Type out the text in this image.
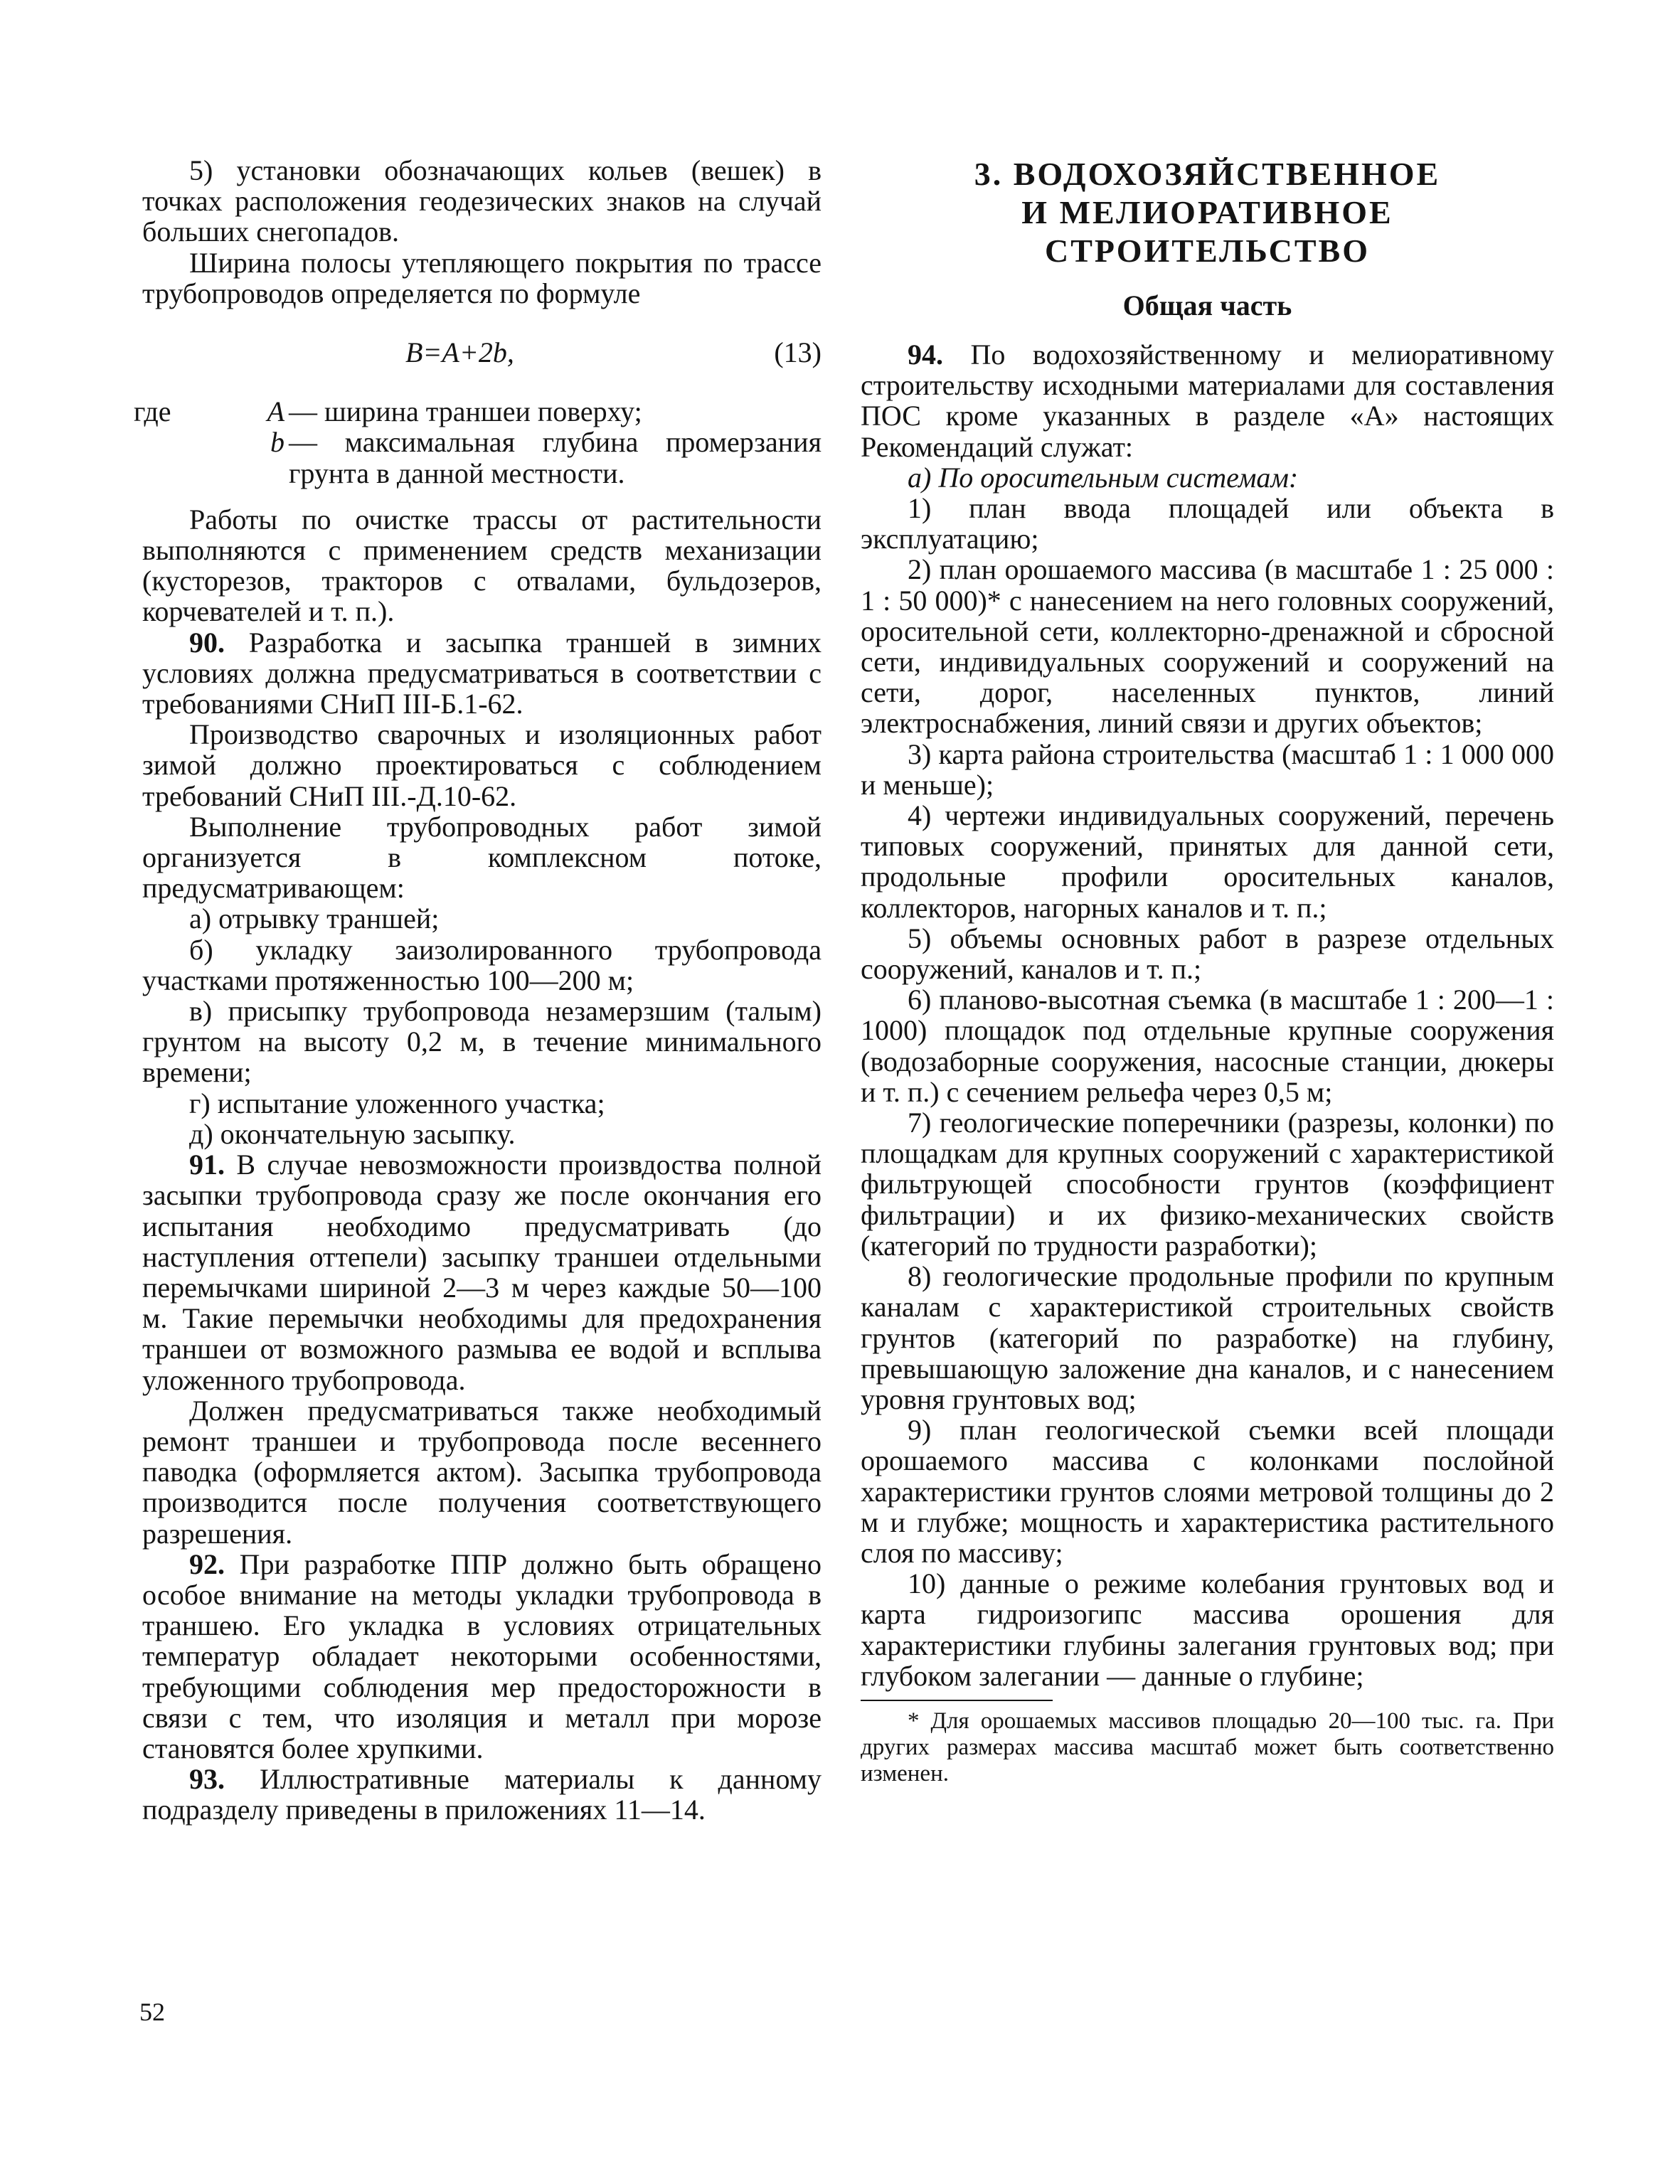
5) установки обозначающих кольев (вешек) в точках расположения геодезических знаков на случай больших снегопадов.

Ширина полосы утепляющего покрытия по трассе трубопроводов определяется по формуле

B=A+2b,	(13)
где	A — ширина траншеи поверху;
b — максимальная глубина промерзания грунта в данной местности.

Работы по очистке трассы от растительности выполняются с применением средств механизации (кусторезов, тракторов с отвалами, бульдозеров, корчевателей и т. п.).

90. Разработка и засыпка траншей в зимних условиях должна предусматриваться в соответствии с требованиями СНиП III-Б.1-62.

Производство сварочных и изоляционных работ зимой должно проектироваться с соблюдением требований СНиП III.-Д.10-62.

Выполнение трубопроводных работ зимой организуется в комплексном потоке, предусматривающем:

а) отрывку траншей;

б) укладку заизолированного трубопровода участками протяженностью 100—200 м;

в) присыпку трубопровода незамерзшим (талым) грунтом на высоту 0,2 м, в течение минимального времени;

г) испытание уложенного участка;

д) окончательную засыпку.

91. В случае невозможности произвдоства полной засыпки трубопровода сразу же после окончания его испытания необходимо предусматривать (до наступления оттепели) засыпку траншеи отдельными перемычками шириной 2—3 м через каждые 50—100 м. Такие перемычки необходимы для предохранения траншеи от возможного размыва ее водой и всплыва уложенного трубопровода.

Должен предусматриваться также необходимый ремонт траншеи и трубопровода после весеннего паводка (оформляется актом). Засыпка трубопровода производится после получения соответствующего разрешения.

92. При разработке ППР должно быть обращено особое внимание на методы укладки трубопровода в траншею. Его укладка в условиях отрицательных температур обладает некоторыми особенностями, требующими соблюдения мер предосторожности в связи с тем, что изоляция и металл при морозе становятся более хрупкими.

93. Иллюстративные материалы к данному подразделу приведены в приложениях 11—14.

3. ВОДОХОЗЯЙСТВЕННОЕ
И МЕЛИОРАТИВНОЕ СТРОИТЕЛЬСТВО
Общая часть

94. По водохозяйственному и мелиоративному строительству исходными материалами для составления ПОС кроме указанных в разделе «А» настоящих Рекомендаций служат:

а) По оросительным системам:

1) план ввода площадей или объекта в эксплуатацию;

2) план орошаемого массива (в масштабе 1 : 25 000 : 1 : 50 000)* с нанесением на него головных сооружений, оросительной сети, коллекторно-дренажной и сбросной сети, индивидуальных сооружений и сооружений на сети, дорог, населенных пунктов, линий электроснабжения, линий связи и других объектов;

3) карта района строительства (масштаб 1 : 1 000 000 и меньше);

4) чертежи индивидуальных сооружений, перечень типовых сооружений, принятых для данной сети, продольные профили оросительных каналов, коллекторов, нагорных каналов и т. п.;

5) объемы основных работ в разрезе отдельных сооружений, каналов и т. п.;

6) планово-высотная съемка (в масштабе 1 : 200—1 : 1000) площадок под отдельные крупные сооружения (водозаборные сооружения, насосные станции, дюкеры и т. п.) с сечением рельефа через 0,5 м;

7) геологические поперечники (разрезы, колонки) по площадкам для крупных сооружений с характеристикой фильтрующей способности грунтов (коэффициент фильтрации) и их физико-механических свойств (категорий по трудности разработки);

8) геологические продольные профили по крупным каналам с характеристикой строительных свойств грунтов (категорий по разработке) на глубину, превышающую заложение дна каналов, и с нанесением уровня грунтовых вод;

9) план геологической съемки всей площади орошаемого массива с колонками послойной характеристики грунтов слоями метровой толщины до 2 м и глубже; мощность и характеристика растительного слоя по массиву;

10) данные о режиме колебания грунтовых вод и карта гидроизогипс массива орошения для характеристики глубины залегания грунтовых вод; при глубоком залегании — данные о глубине;

* Для орошаемых массивов площадью 20—100 тыс. га. При других размерах массива масштаб может быть соответственно изменен.

52
